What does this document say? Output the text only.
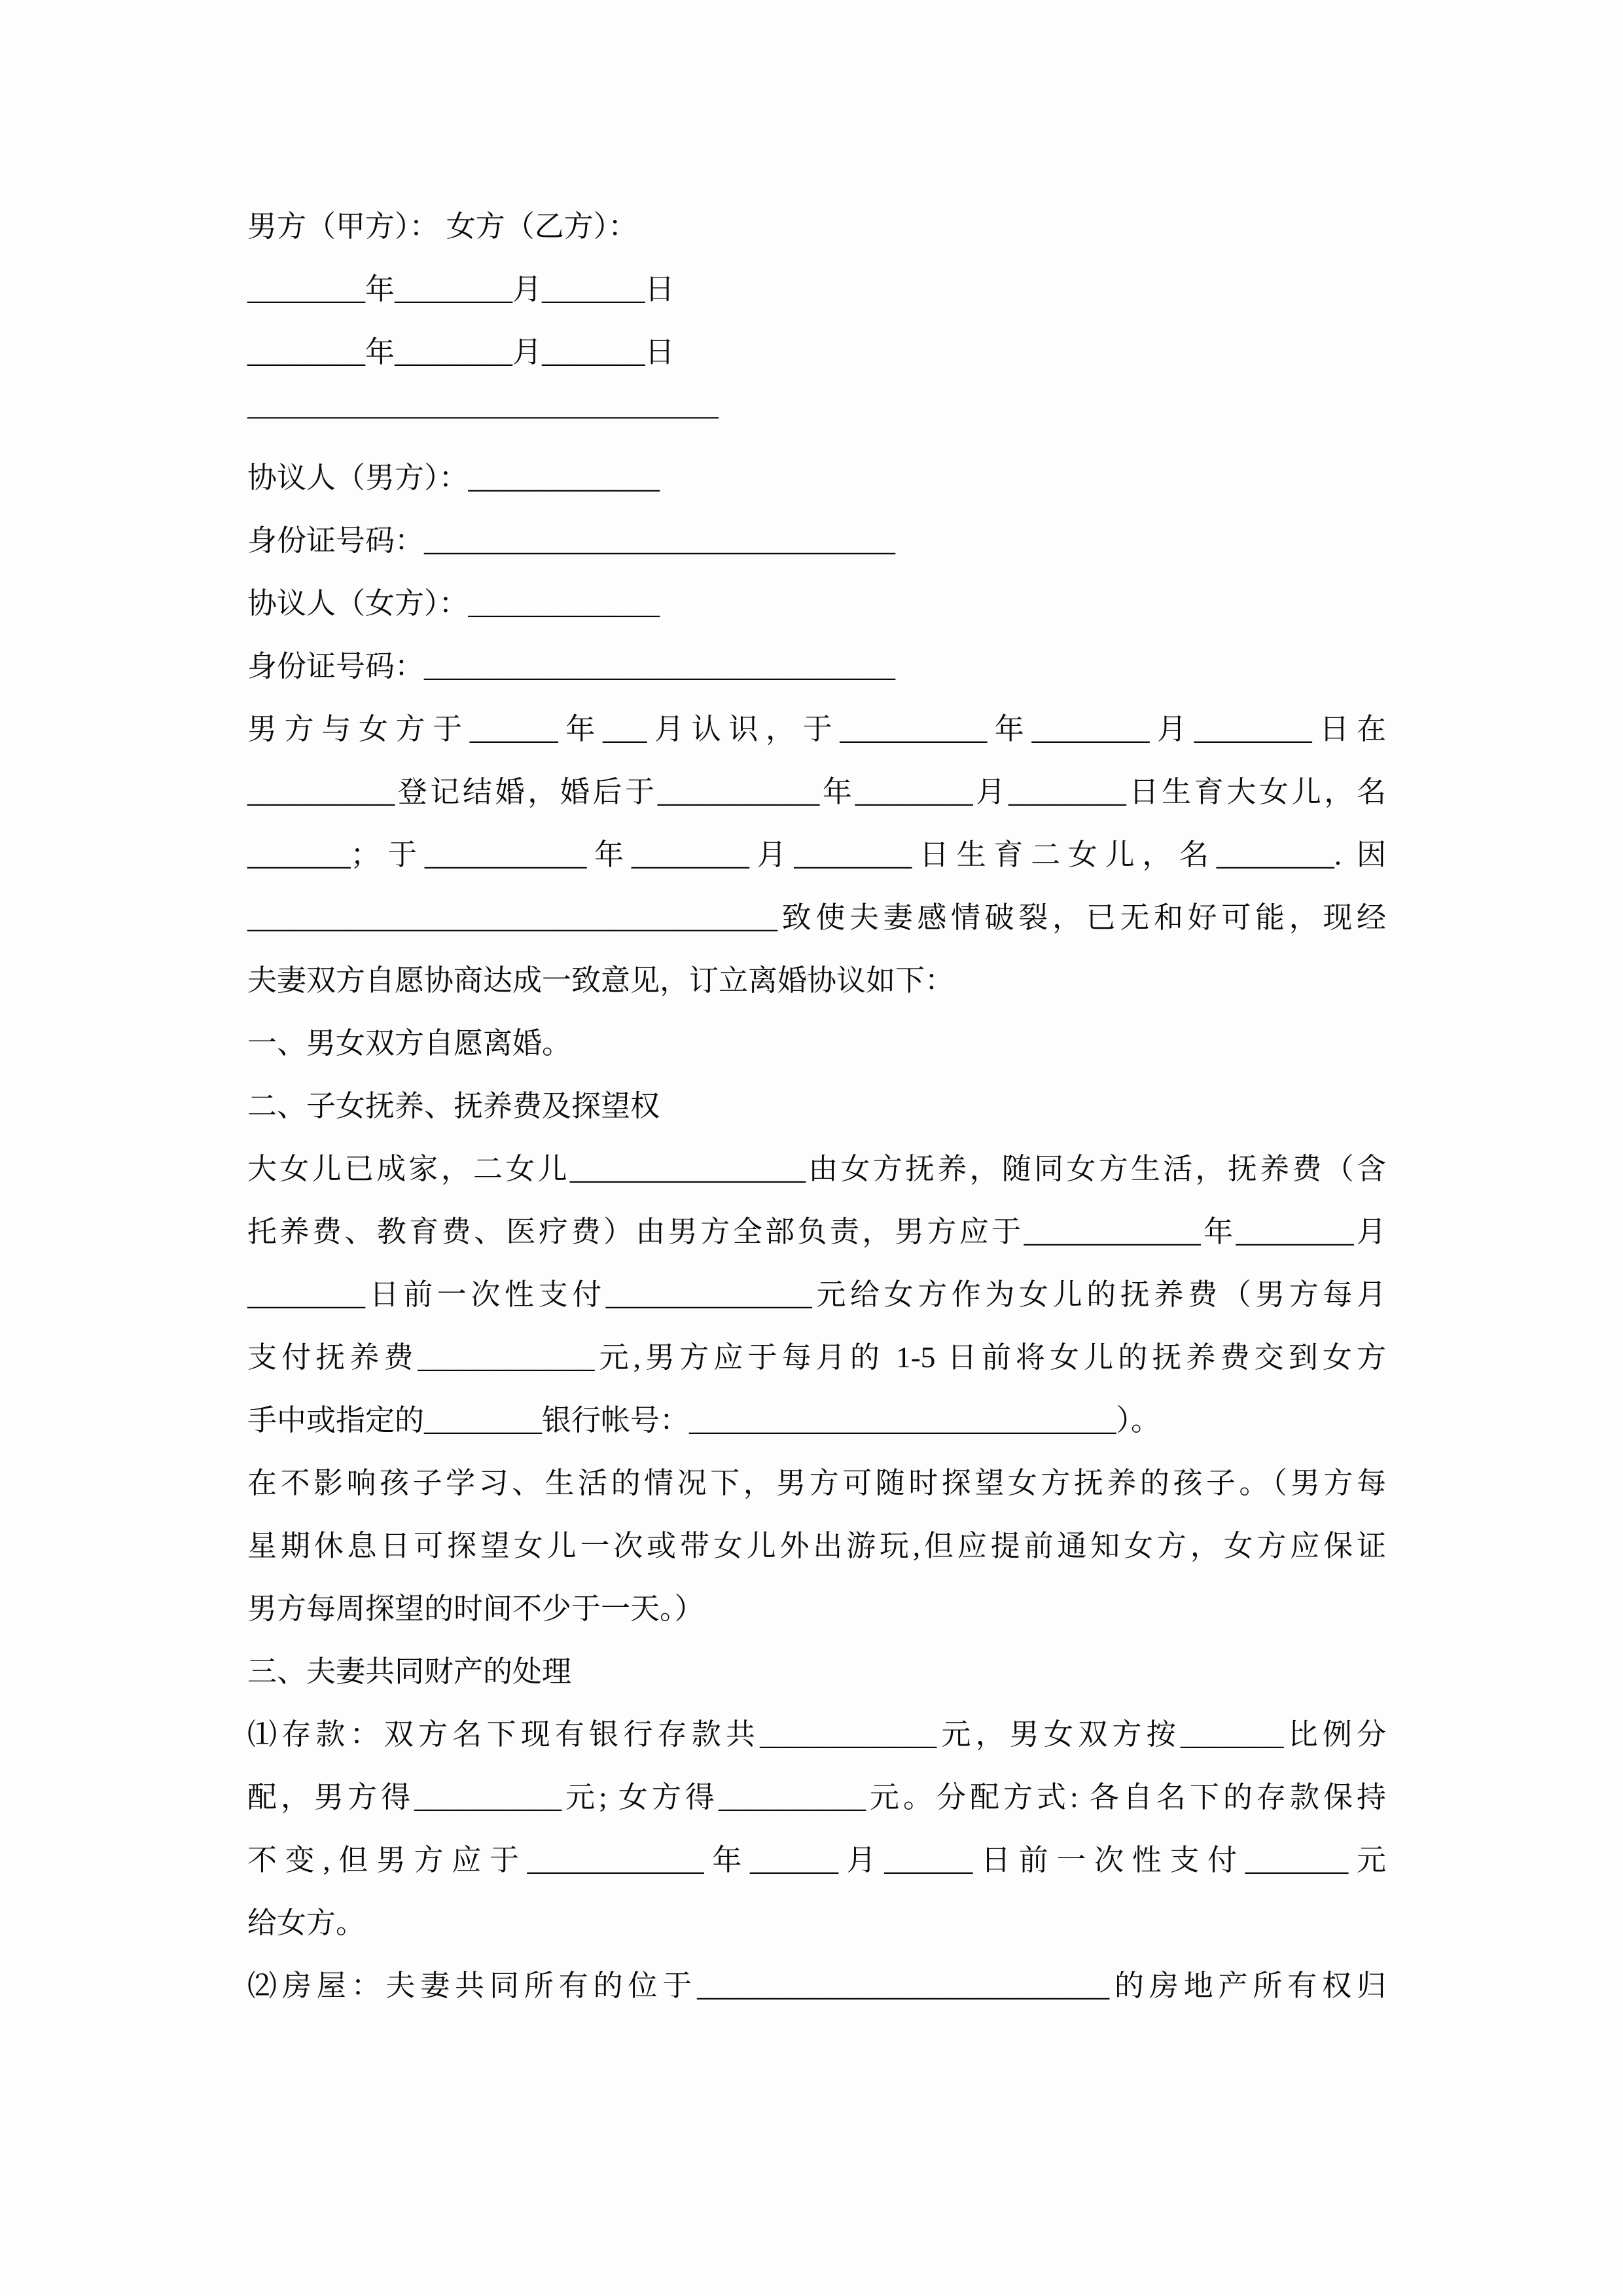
男方（甲方）： 女方（乙方）：
________年________月_______日
________年________月_______日
————————————————
协议人（男方）：_____________
身份证号码：________________________________
协议人（女方）：_____________
身份证号码：________________________________
男方与女方于______年___月认识，于__________年________月________日在
__________登记结婚，婚后于___________年________月________日生育大女儿，名
_______；于___________年________月________日生育二女儿，名________. 因
____________________________________致使夫妻感情破裂，已无和好可能，现经
夫妻双方自愿协商达成一致意见，订立离婚协议如下：
一、男女双方自愿离婚。
二、子女抚养、抚养费及探望权
大女儿已成家，二女儿________________由女方抚养，随同女方生活，抚养费（含
托养费、教育费、医疗费）由男方全部负责，男方应于____________年________月
________日前一次性支付______________元给女方作为女儿的抚养费（男方每月
支付抚养费____________元,男方应于每月的 1-5 日前将女儿的抚养费交到女方
手中或指定的________银行帐号：_____________________________）。
在不影响孩子学习、生活的情况下，男方可随时探望女方抚养的孩子。（男方每
星期休息日可探望女儿一次或带女儿外出游玩,但应提前通知女方，女方应保证
男方每周探望的时间不少于一天。）
三、夫妻共同财产的处理
⑴存款：双方名下现有银行存款共____________元，男女双方按_______比例分
配，男方得__________元; 女方得__________元。分配方式: 各自名下的存款保持
不变,但男方应于____________年______月______日前一次性支付_______元
给女方。
⑵房屋：夫妻共同所有的位于____________________________的房地产所有权归
